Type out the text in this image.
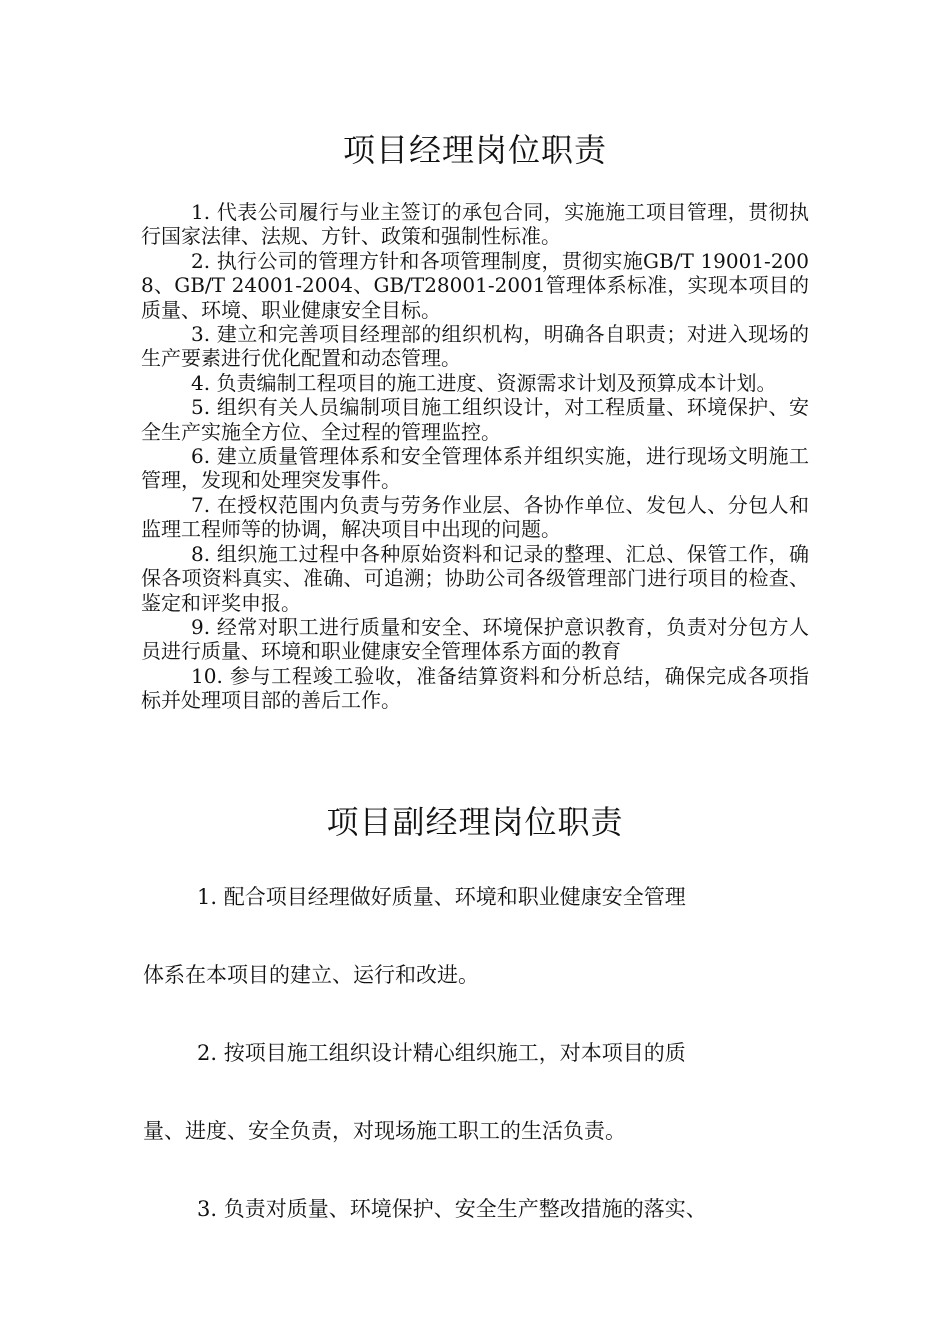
项目经理岗位职责

1. 代表公司履行与业主签订的承包合同，实施施工项目管理，贯彻执行国家法律、法规、方针、政策和强制性标准。

2. 执行公司的管理方针和各项管理制度，贯彻实施GB/T 19001-2008、GB/T 24001-2004、GB/T28001-2001管理体系标准，实现本项目的质量、环境、职业健康安全目标。

3. 建立和完善项目经理部的组织机构，明确各自职责；对进入现场的生产要素进行优化配置和动态管理。

4. 负责编制工程项目的施工进度、资源需求计划及预算成本计划。

5. 组织有关人员编制项目施工组织设计，对工程质量、环境保护、安全生产实施全方位、全过程的管理监控。

6. 建立质量管理体系和安全管理体系并组织实施，进行现场文明施工管理，发现和处理突发事件。

7. 在授权范围内负责与劳务作业层、各协作单位、发包人、分包人和监理工程师等的协调，解决项目中出现的问题。

8. 组织施工过程中各种原始资料和记录的整理、汇总、保管工作，确保各项资料真实、准确、可追溯；协助公司各级管理部门进行项目的检查、鉴定和评奖申报。

9. 经常对职工进行质量和安全、环境保护意识教育，负责对分包方人员进行质量、环境和职业健康安全管理体系方面的教育

10. 参与工程竣工验收，准备结算资料和分析总结，确保完成各项指标并处理项目部的善后工作。

项目副经理岗位职责
1. 配合项目经理做好质量、环境和职业健康安全管理
体系在本项目的建立、运行和改进。
2. 按项目施工组织设计精心组织施工，对本项目的质
量、进度、安全负责，对现场施工职工的生活负责。
3. 负责对质量、环境保护、安全生产整改措施的落实、
